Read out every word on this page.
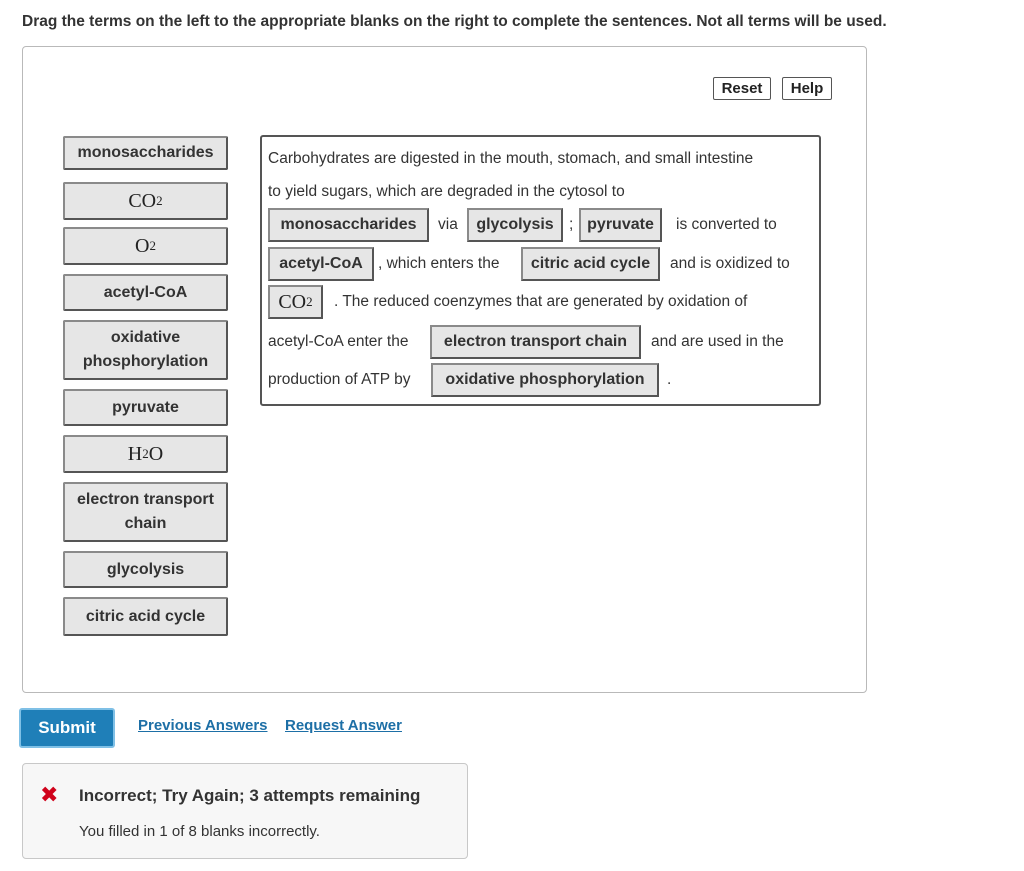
Drag the terms on the left to the appropriate blanks on the right to complete the sentences. Not all terms will be used.
Reset	Help
monosaccharides
CO 2
O 2
acetyl-CoA
oxidative
phosphorylation
pyruvate
H 2 O
electron transport
chain
glycolysis
citric acid cycle
Carbohydrates are digested in the mouth, stomach, and small intestine
to yield sugars, which are degraded in the cytosol to
monosaccharides	via	glycolysis ; pyruvate	is converted to
acetyl-CoA , which enters the	citric acid cycle	and is oxidized to
CO 2 . The reduced coenzymes that are generated by oxidation of
acetyl-CoA enter the	electron transport chain	and are used in the
production of ATP by	oxidative phosphorylation	.
Submit	Previous Answers Request Answer
✖ Incorrect; Try Again; 3 attempts remaining
You filled in 1 of 8 blanks incorrectly.
